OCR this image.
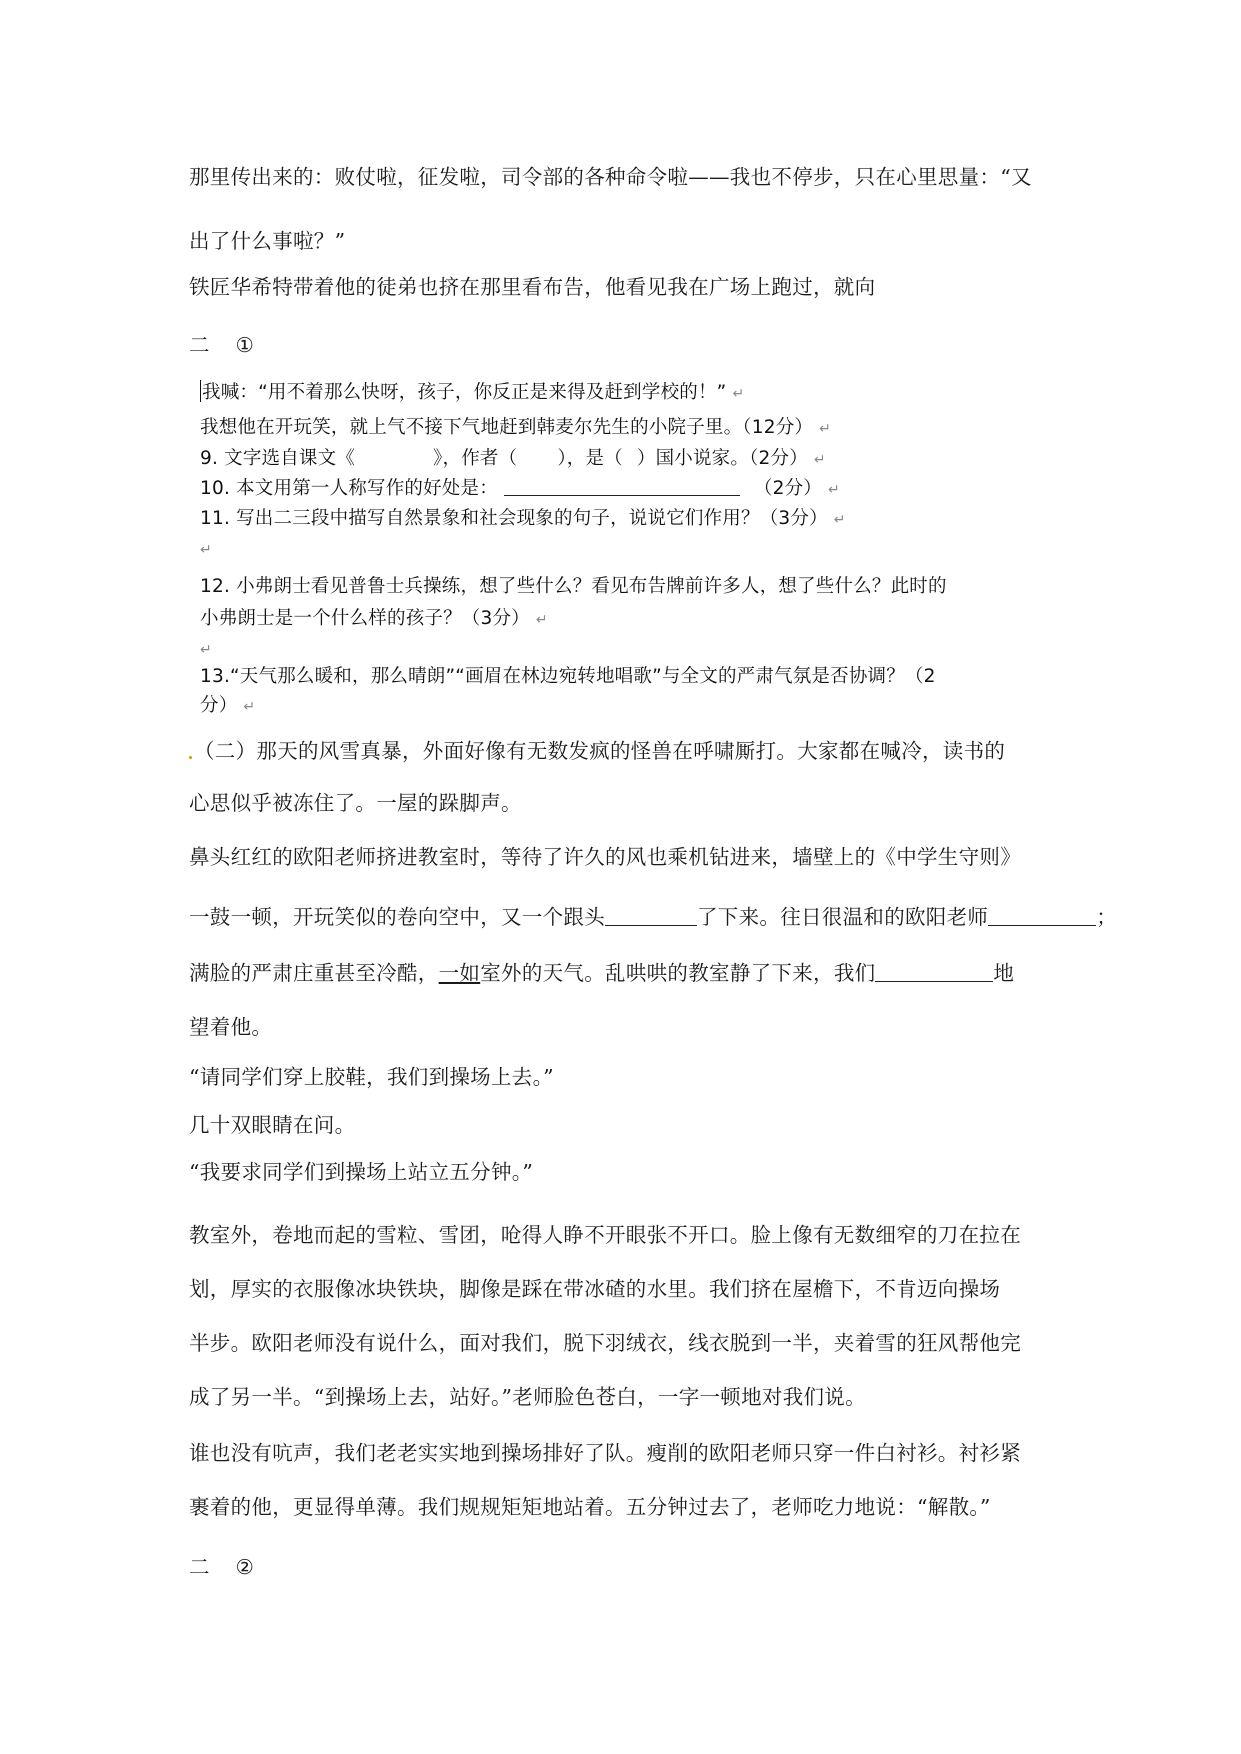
那里传出来的：败仗啦，征发啦，司令部的各种命令啦——我也不停步，只在心里思量：“又
出了什么事啦？”
铁匠华希特带着他的徒弟也挤在那里看布告，他看见我在广场上跑过，就向
二 ①
我喊：“用不着那么快呀，孩子，你反正是来得及赶到学校的！” ↵
我想他在开玩笑，就上气不接下气地赶到韩麦尔先生的小院子里。（12分） ↵
9. 文字选自课文《	》，作者（ ），是（ ）国小说家。（2分） ↵
10. 本文用第一人称写作的好处是：	（2分） ↵
11. 写出二三段中描写自然景象和社会现象的句子，说说它们作用？（3分） ↵
↵
12. 小弗朗士看见普鲁士兵操练，想了些什么？看见布告牌前许多人，想了些什么？此时的
小弗朗士是一个什么样的孩子？（3分） ↵
↵
13.“天气那么暖和，那么晴朗”“画眉在林边宛转地唱歌”与全文的严肃气氛是否协调？（2
分） ↵
（二）那天的风雪真暴，外面好像有无数发疯的怪兽在呼啸厮打。大家都在喊冷，读书的
心思似乎被冻住了。一屋的跺脚声。
鼻头红红的欧阳老师挤进教室时，等待了许久的风也乘机钻进来，墙壁上的《中学生守则》
一鼓一顿，开玩笑似的卷向空中，又一个跟头	了下来。往日很温和的欧阳老师	；
满脸的严肃庄重甚至冷酷，一如室外的天气。乱哄哄的教室静了下来，我们	地
望着他。
“请同学们穿上胶鞋，我们到操场上去。”
几十双眼睛在问。
“我要求同学们到操场上站立五分钟。”
教室外，卷地而起的雪粒、雪团，呛得人睁不开眼张不开口。脸上像有无数细窄的刀在拉在
划，厚实的衣服像冰块铁块，脚像是踩在带冰碴的水里。我们挤在屋檐下，不肯迈向操场
半步。欧阳老师没有说什么，面对我们，脱下羽绒衣，线衣脱到一半，夹着雪的狂风帮他完
成了另一半。“到操场上去，站好。”老师脸色苍白，一字一顿地对我们说。
谁也没有吭声，我们老老实实地到操场排好了队。瘦削的欧阳老师只穿一件白衬衫。衬衫紧
裹着的他，更显得单薄。我们规规矩矩地站着。五分钟过去了，老师吃力地说：“解散。”
二 ②
